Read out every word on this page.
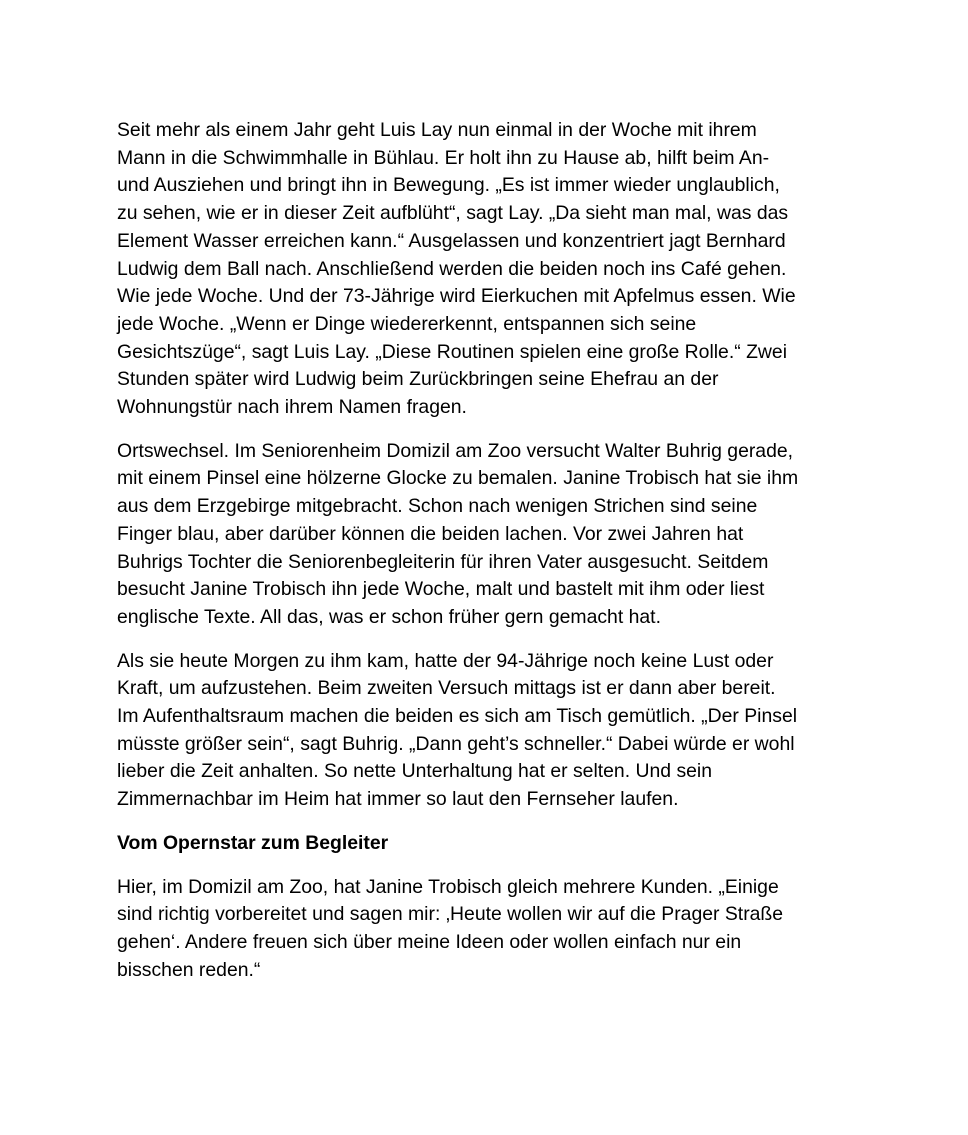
Seit mehr als einem Jahr geht Luis Lay nun einmal in der Woche mit ihrem
Mann in die Schwimmhalle in Bühlau. Er holt ihn zu Hause ab, hilft beim An-
und Ausziehen und bringt ihn in Bewegung. „Es ist immer wieder unglaublich,
zu sehen, wie er in dieser Zeit aufblüht“, sagt Lay. „Da sieht man mal, was das
Element Wasser erreichen kann.“ Ausgelassen und konzentriert jagt Bernhard
Ludwig dem Ball nach. Anschließend werden die beiden noch ins Café gehen.
Wie jede Woche. Und der 73-Jährige wird Eierkuchen mit Apfelmus essen. Wie
jede Woche. „Wenn er Dinge wiedererkennt, entspannen sich seine
Gesichtszüge“, sagt Luis Lay. „Diese Routinen spielen eine große Rolle.“ Zwei
Stunden später wird Ludwig beim Zurückbringen seine Ehefrau an der
Wohnungstür nach ihrem Namen fragen.

Ortswechsel. Im Seniorenheim Domizil am Zoo versucht Walter Buhrig gerade,
mit einem Pinsel eine hölzerne Glocke zu bemalen. Janine Trobisch hat sie ihm
aus dem Erzgebirge mitgebracht. Schon nach wenigen Strichen sind seine
Finger blau, aber darüber können die beiden lachen. Vor zwei Jahren hat
Buhrigs Tochter die Seniorenbegleiterin für ihren Vater ausgesucht. Seitdem
besucht Janine Trobisch ihn jede Woche, malt und bastelt mit ihm oder liest
englische Texte. All das, was er schon früher gern gemacht hat.

Als sie heute Morgen zu ihm kam, hatte der 94-Jährige noch keine Lust oder
Kraft, um aufzustehen. Beim zweiten Versuch mittags ist er dann aber bereit.
Im Aufenthaltsraum machen die beiden es sich am Tisch gemütlich. „Der Pinsel
müsste größer sein“, sagt Buhrig. „Dann geht’s schneller.“ Dabei würde er wohl
lieber die Zeit anhalten. So nette Unterhaltung hat er selten. Und sein
Zimmernachbar im Heim hat immer so laut den Fernseher laufen.

Vom Opernstar zum Begleiter

Hier, im Domizil am Zoo, hat Janine Trobisch gleich mehrere Kunden. „Einige
sind richtig vorbereitet und sagen mir: ‚Heute wollen wir auf die Prager Straße
gehen‘. Andere freuen sich über meine Ideen oder wollen einfach nur ein
bisschen reden.“
